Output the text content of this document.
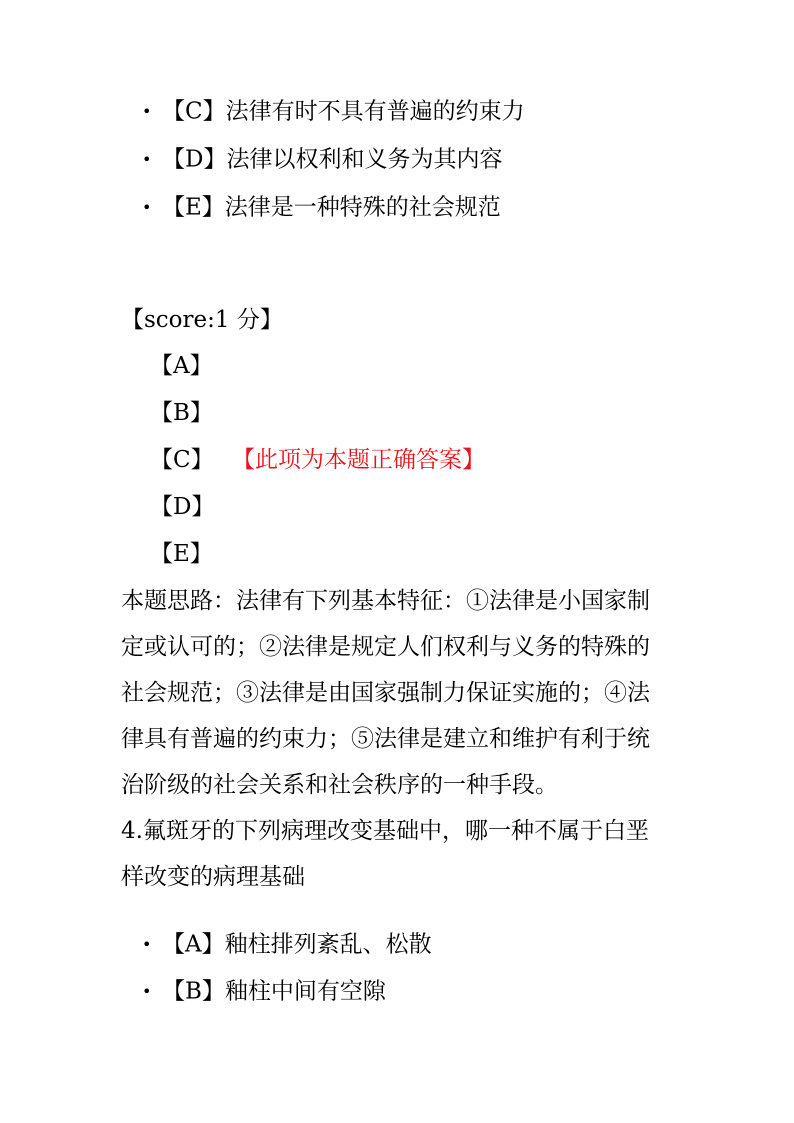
• 【C】法律有时不具有普遍的约束力
• 【D】法律以权利和义务为其内容
• 【E】法律是一种特殊的社会规范
【score:1 分】
【A】
【B】
【C】 【此项为本题正确答案】
【D】
【E】
本题思路：法律有下列基本特征：①法律是小国家制
定或认可的；②法律是规定人们权利与义务的特殊的
社会规范；③法律是由国家强制力保证实施的；④法
律具有普遍的约束力；⑤法律是建立和维护有利于统
治阶级的社会关系和社会秩序的一种手段。
4.氟斑牙的下列病理改变基础中，哪一种不属于白垩
样改变的病理基础
• 【A】釉柱排列紊乱、松散
• 【B】釉柱中间有空隙
